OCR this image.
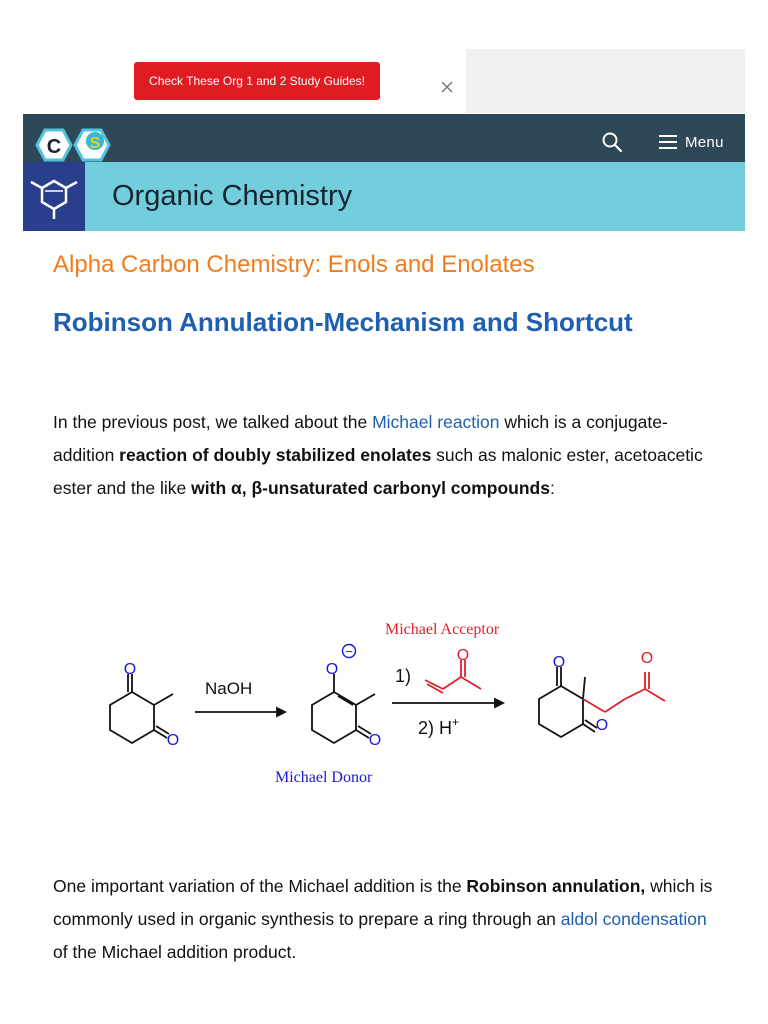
Check These Org 1 and 2 Study Guides!
C S	Menu
Organic Chemistry
Alpha Carbon Chemistry: Enols and Enolates
Robinson Annulation-Mechanism and Shortcut

In the previous post, we talked about the Michael reaction which is a conjugate-addition reaction of doubly stabilized enolates such as malonic ester, acetoacetic ester and the like with α, β-unsaturated carbonyl compounds:

O
O
O
O
O
O
O	O
−
Michael Acceptor
Michael Donor
NaOH
1)
2) H+

One important variation of the Michael addition is the Robinson annulation, which is commonly used in organic synthesis to prepare a ring through an aldol condensation of the Michael addition product.
